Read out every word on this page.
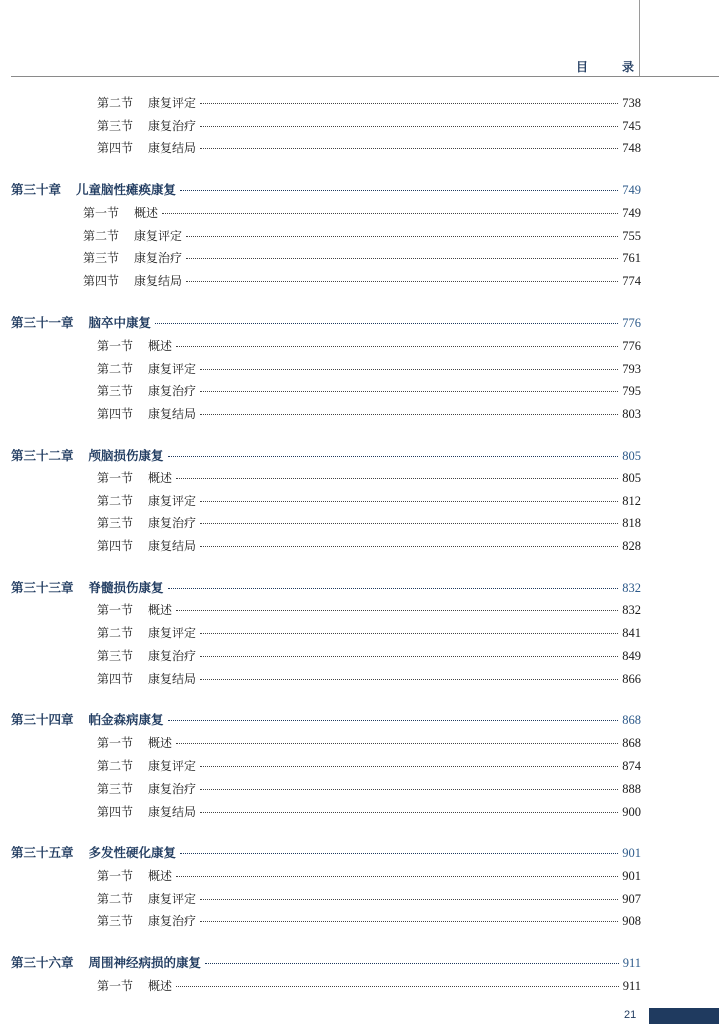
目	录
第二节 康复评定	738
第三节 康复治疗	745
第四节 康复结局	748
第三十章 儿童脑性瘫痪康复	749
第一节 概述	749
第二节 康复评定	755
第三节 康复治疗	761
第四节 康复结局	774
第三十一章 脑卒中康复	776
第一节 概述	776
第二节 康复评定	793
第三节 康复治疗	795
第四节 康复结局	803
第三十二章 颅脑损伤康复	805
第一节 概述	805
第二节 康复评定	812
第三节 康复治疗	818
第四节 康复结局	828
第三十三章 脊髓损伤康复	832
第一节 概述	832
第二节 康复评定	841
第三节 康复治疗	849
第四节 康复结局	866
第三十四章 帕金森病康复	868
第一节 概述	868
第二节 康复评定	874
第三节 康复治疗	888
第四节 康复结局	900
第三十五章 多发性硬化康复	901
第一节 概述	901
第二节 康复评定	907
第三节 康复治疗	908
第三十六章 周围神经病损的康复	911
第一节 概述	911
21
